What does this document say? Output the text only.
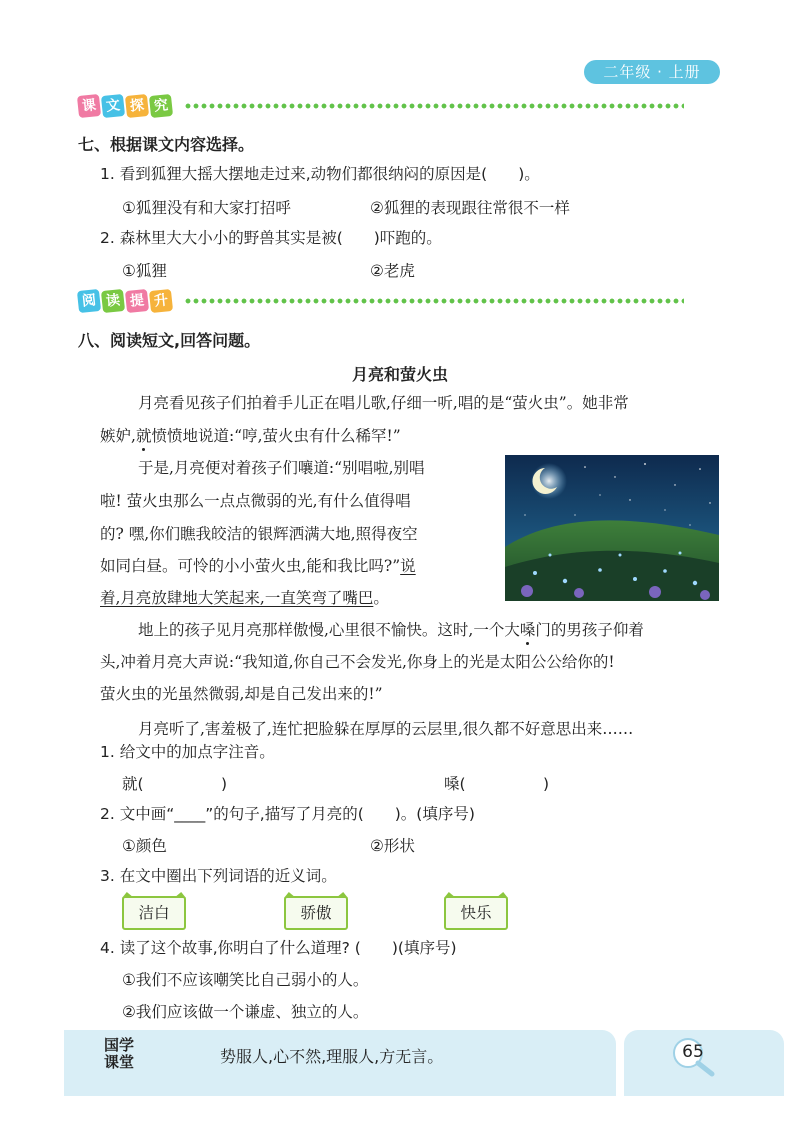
二年级 · 上册
课 文 探 究
七、根据课文内容选择。
1. 看到狐狸大摇大摆地走过来,动物们都很纳闷的原因是(　　)。
①狐狸没有和大家打招呼	②狐狸的表现跟往常很不一样
2. 森林里大大小小的野兽其实是被(　　)吓跑的。
①狐狸	②老虎
阅 读 提 升
八、阅读短文,回答问题。
月亮和萤火虫
月亮看见孩子们拍着手儿正在唱儿歌,仔细一听,唱的是“萤火虫”。她非常
嫉妒,就愤愤地说道:“哼,萤火虫有什么稀罕!”
于是,月亮便对着孩子们嚷道:“别唱啦,别唱
啦! 萤火虫那么一点点微弱的光,有什么值得唱
的? 嘿,你们瞧我皎洁的银辉洒满大地,照得夜空
如同白昼。可怜的小小萤火虫,能和我比吗?”说
着,月亮放肆地大笑起来,一直笑弯了嘴巴。
地上的孩子见月亮那样傲慢,心里很不愉快。这时,一个大嗓门的男孩子仰着
头,冲着月亮大声说:“我知道,你自己不会发光,你身上的光是太阳公公给你的!
萤火虫的光虽然微弱,却是自己发出来的!”
月亮听了,害羞极了,连忙把脸躲在厚厚的云层里,很久都不好意思出来……
1. 给文中的加点字注音。
就(　　　　　)	嗓(　　　　　)
2. 文中画“____”的句子,描写了月亮的(　　)。(填序号)
①颜色	②形状
3. 在文中圈出下列词语的近义词。
洁白	骄傲	快乐
4. 读了这个故事,你明白了什么道理? (　　)(填序号)
①我们不应该嘲笑比自己弱小的人。
②我们应该做一个谦虚、独立的人。
国学课堂	势服人,心不然,理服人,方无言。	65
